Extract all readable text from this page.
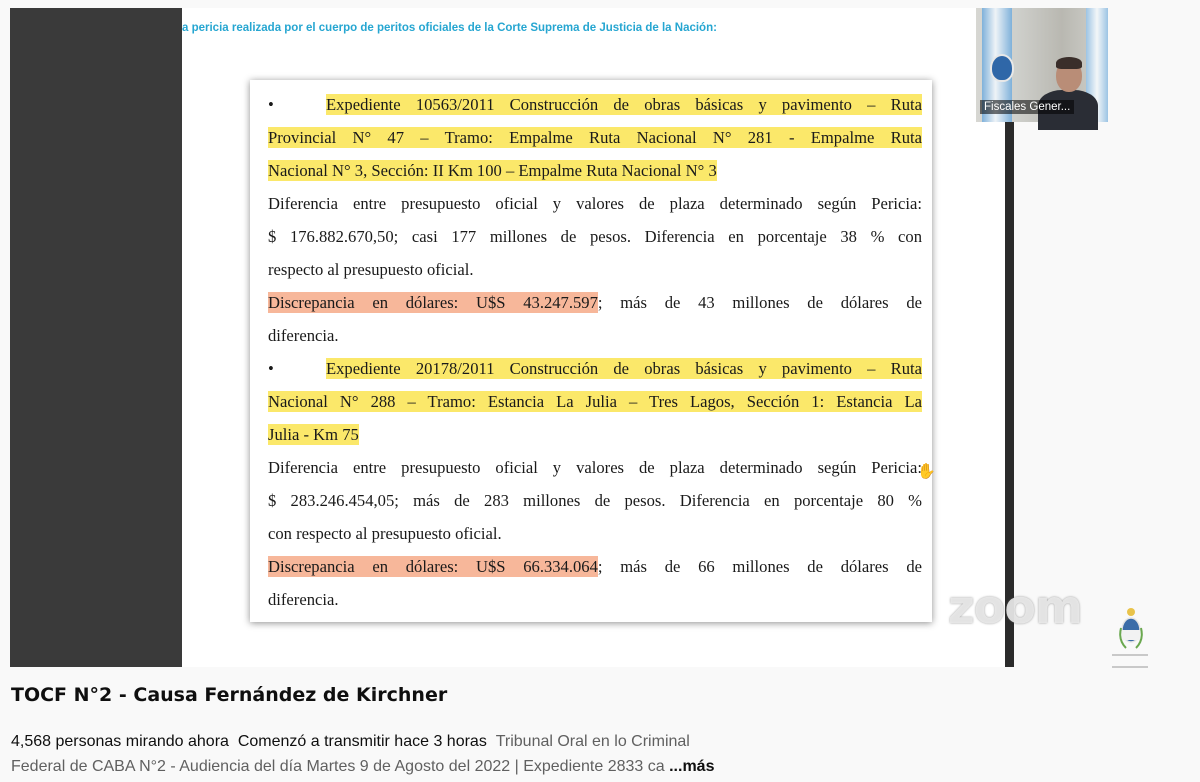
a pericia realizada por el cuerpo de peritos oficiales de la Corte Suprema de Justicia de la Nación:
•	Expediente 10563/2011 Construcción de obras básicas y pavimento – Ruta
Provincial N° 47 – Tramo: Empalme Ruta Nacional N° 281 - Empalme Ruta
Nacional N° 3, Sección: II Km 100 – Empalme Ruta Nacional N° 3
Diferencia entre presupuesto oficial y valores de plaza determinado según Pericia:
$ 176.882.670,50; casi 177 millones de pesos. Diferencia en porcentaje 38 % con
respecto al presupuesto oficial.
Discrepancia en dólares: U$S 43.247.597; más de 43 millones de dólares de
diferencia.
•	Expediente 20178/2011 Construcción de obras básicas y pavimento – Ruta
Nacional N° 288 – Tramo: Estancia La Julia – Tres Lagos, Sección 1: Estancia La
Julia - Km 75
Diferencia entre presupuesto oficial y valores de plaza determinado según Pericia:
✋
$ 283.246.454,05; más de 283 millones de pesos. Diferencia en porcentaje 80 %
con respecto al presupuesto oficial.
Discrepancia en dólares: U$S 66.334.064; más de 66 millones de dólares de
diferencia.
Fiscales Gener...
zoom
TOCF N°2 - Causa Fernández de Kirchner
4,568 personas mirando ahora Comenzó a transmitir hace 3 horas Tribunal Oral en lo Criminal
Federal de CABA N°2 - Audiencia del día Martes 9 de Agosto del 2022 | Expediente 2833 ca ...más
